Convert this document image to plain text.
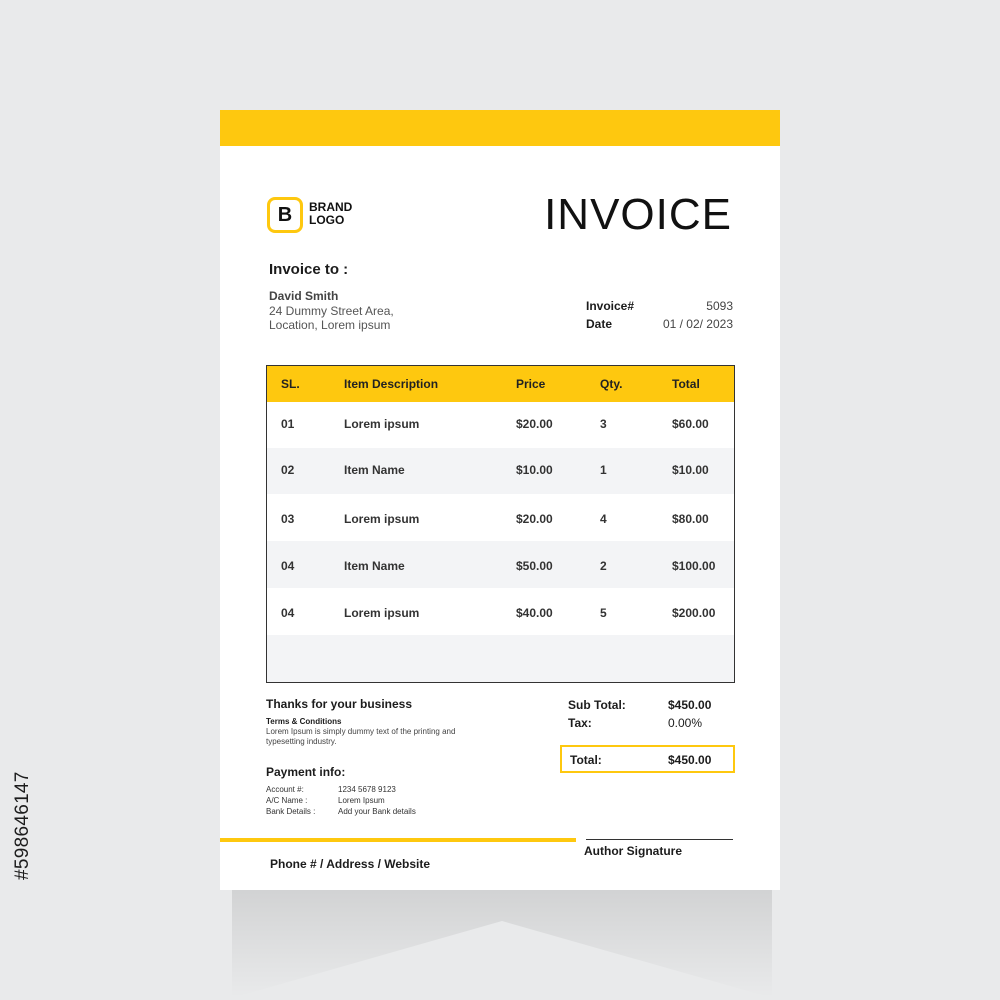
#598646147
B BRAND
LOGO	INVOICE
Invoice to :
David Smith
24 Dummy Street Area,
Location, Lorem ipsum
Invoice#	5093
Date	01 / 02/ 2023
SL.	Item Description	Price	Qty.	Total
01	Lorem ipsum	$20.00	3	$60.00
02	Item Name	$10.00	1	$10.00
03	Lorem ipsum	$20.00	4	$80.00
04	Item Name	$50.00	2	$100.00
04	Lorem ipsum	$40.00	5	$200.00
Thanks for your business
Terms & Conditions
Lorem Ipsum is simply dummy text of the printing and typesetting industry.
Payment info:
Account #:	1234 5678 9123
A/C Name :	Lorem Ipsum
Bank Details :	Add your Bank details
Sub Total:	$450.00
Tax:	0.00%
Total:	$450.00
Author Signature
Phone # / Address / Website
